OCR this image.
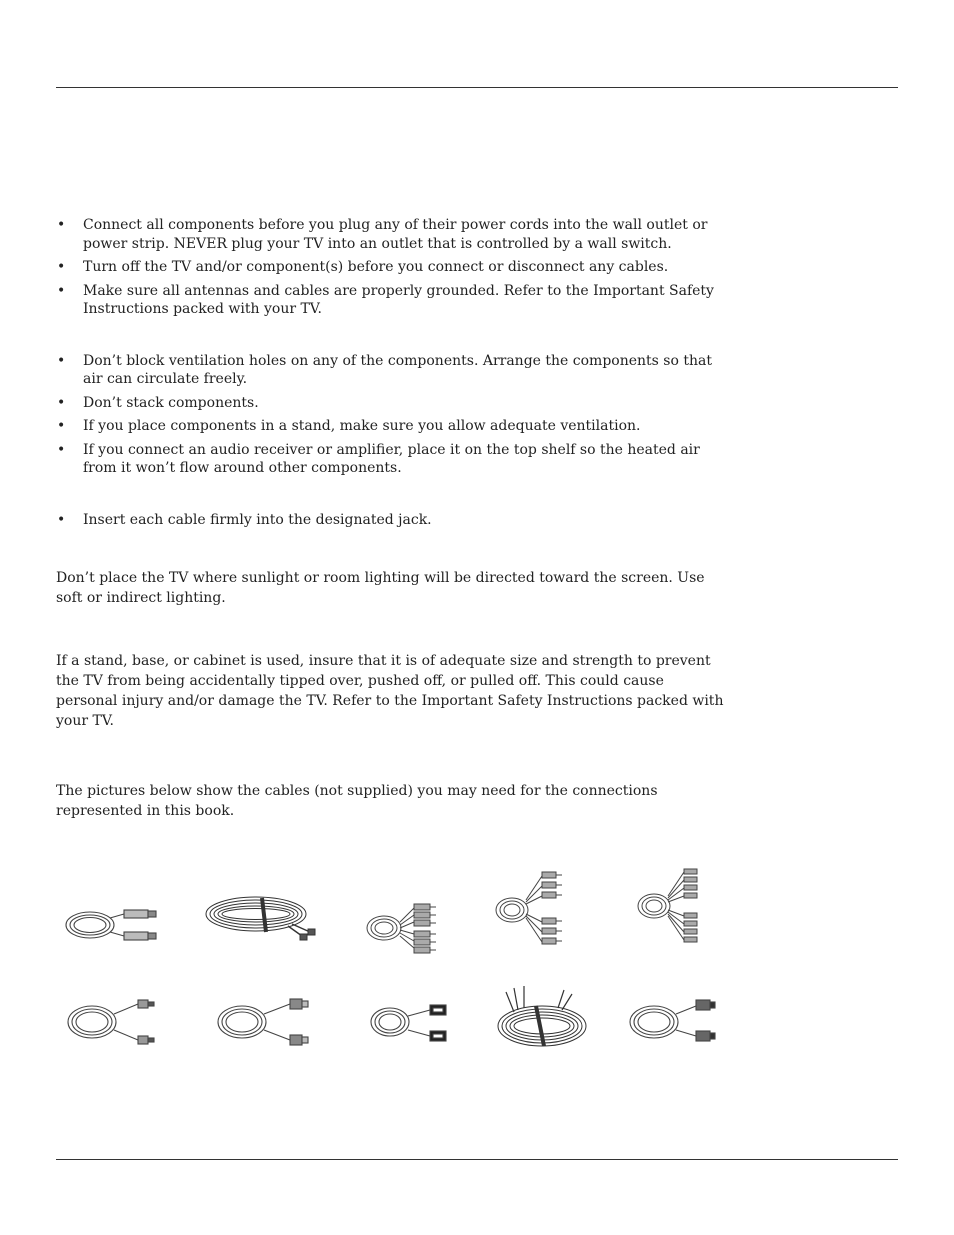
• Connect all components before you plug any of their power cords into the wall outlet or power strip. NEVER plug your TV into an outlet that is controlled by a wall switch.
• Turn off the TV and/or component(s) before you connect or disconnect any cables.
• Make sure all antennas and cables are properly grounded. Refer to the Important Safety Instructions packed with your TV.
• Don’t block ventilation holes on any of the components. Arrange the components so that air can circulate freely.
• Don’t stack components.
• If you place components in a stand, make sure you allow adequate ventilation.
• If you connect an audio receiver or amplifier, place it on the top shelf so the heated air from it won’t flow around other components.
• Insert each cable firmly into the designated jack.

Don’t place the TV where sunlight or room lighting will be directed toward the screen. Use soft or indirect lighting.

If a stand, base, or cabinet is used, insure that it is of adequate size and strength to prevent the TV from being accidentally tipped over, pushed off, or pulled off. This could cause personal injury and/or damage the TV. Refer to the Important Safety Instructions packed with your TV.

The pictures below show the cables (not supplied) you may need for the connections represented in this book.
